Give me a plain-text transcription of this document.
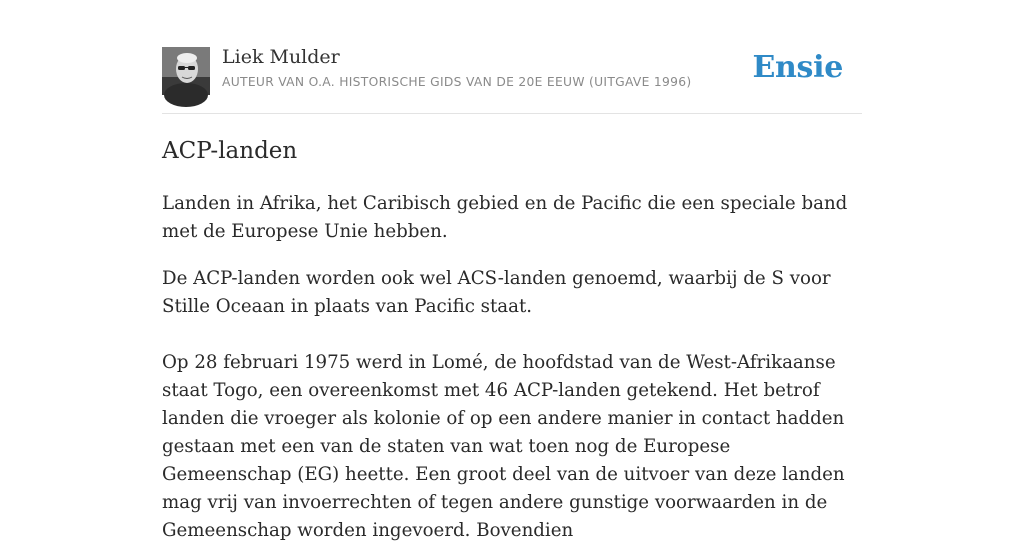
Liek Mulder
AUTEUR VAN O.A. HISTORISCHE GIDS VAN DE 20E EEUW (UITGAVE 1996) Ensie
ACP-landen

Landen in Afrika, het Caribisch gebied en de Pacific die een speciale band met de Europese Unie hebben.

De ACP-landen worden ook wel ACS-landen genoemd, waarbij de S voor Stille Oceaan in plaats van Pacific staat.

Op 28 februari 1975 werd in Lomé, de hoofdstad van de West-Afrikaanse staat Togo, een overeenkomst met 46 ACP-landen getekend. Het betrof landen die vroeger als kolonie of op een andere manier in contact hadden gestaan met een van de staten van wat toen nog de Europese Gemeenschap (EG) heette. Een groot deel van de uitvoer van deze landen mag vrij van invoerrechten of tegen andere gunstige voorwaarden in de Gemeenschap worden ingevoerd. Bovendien
